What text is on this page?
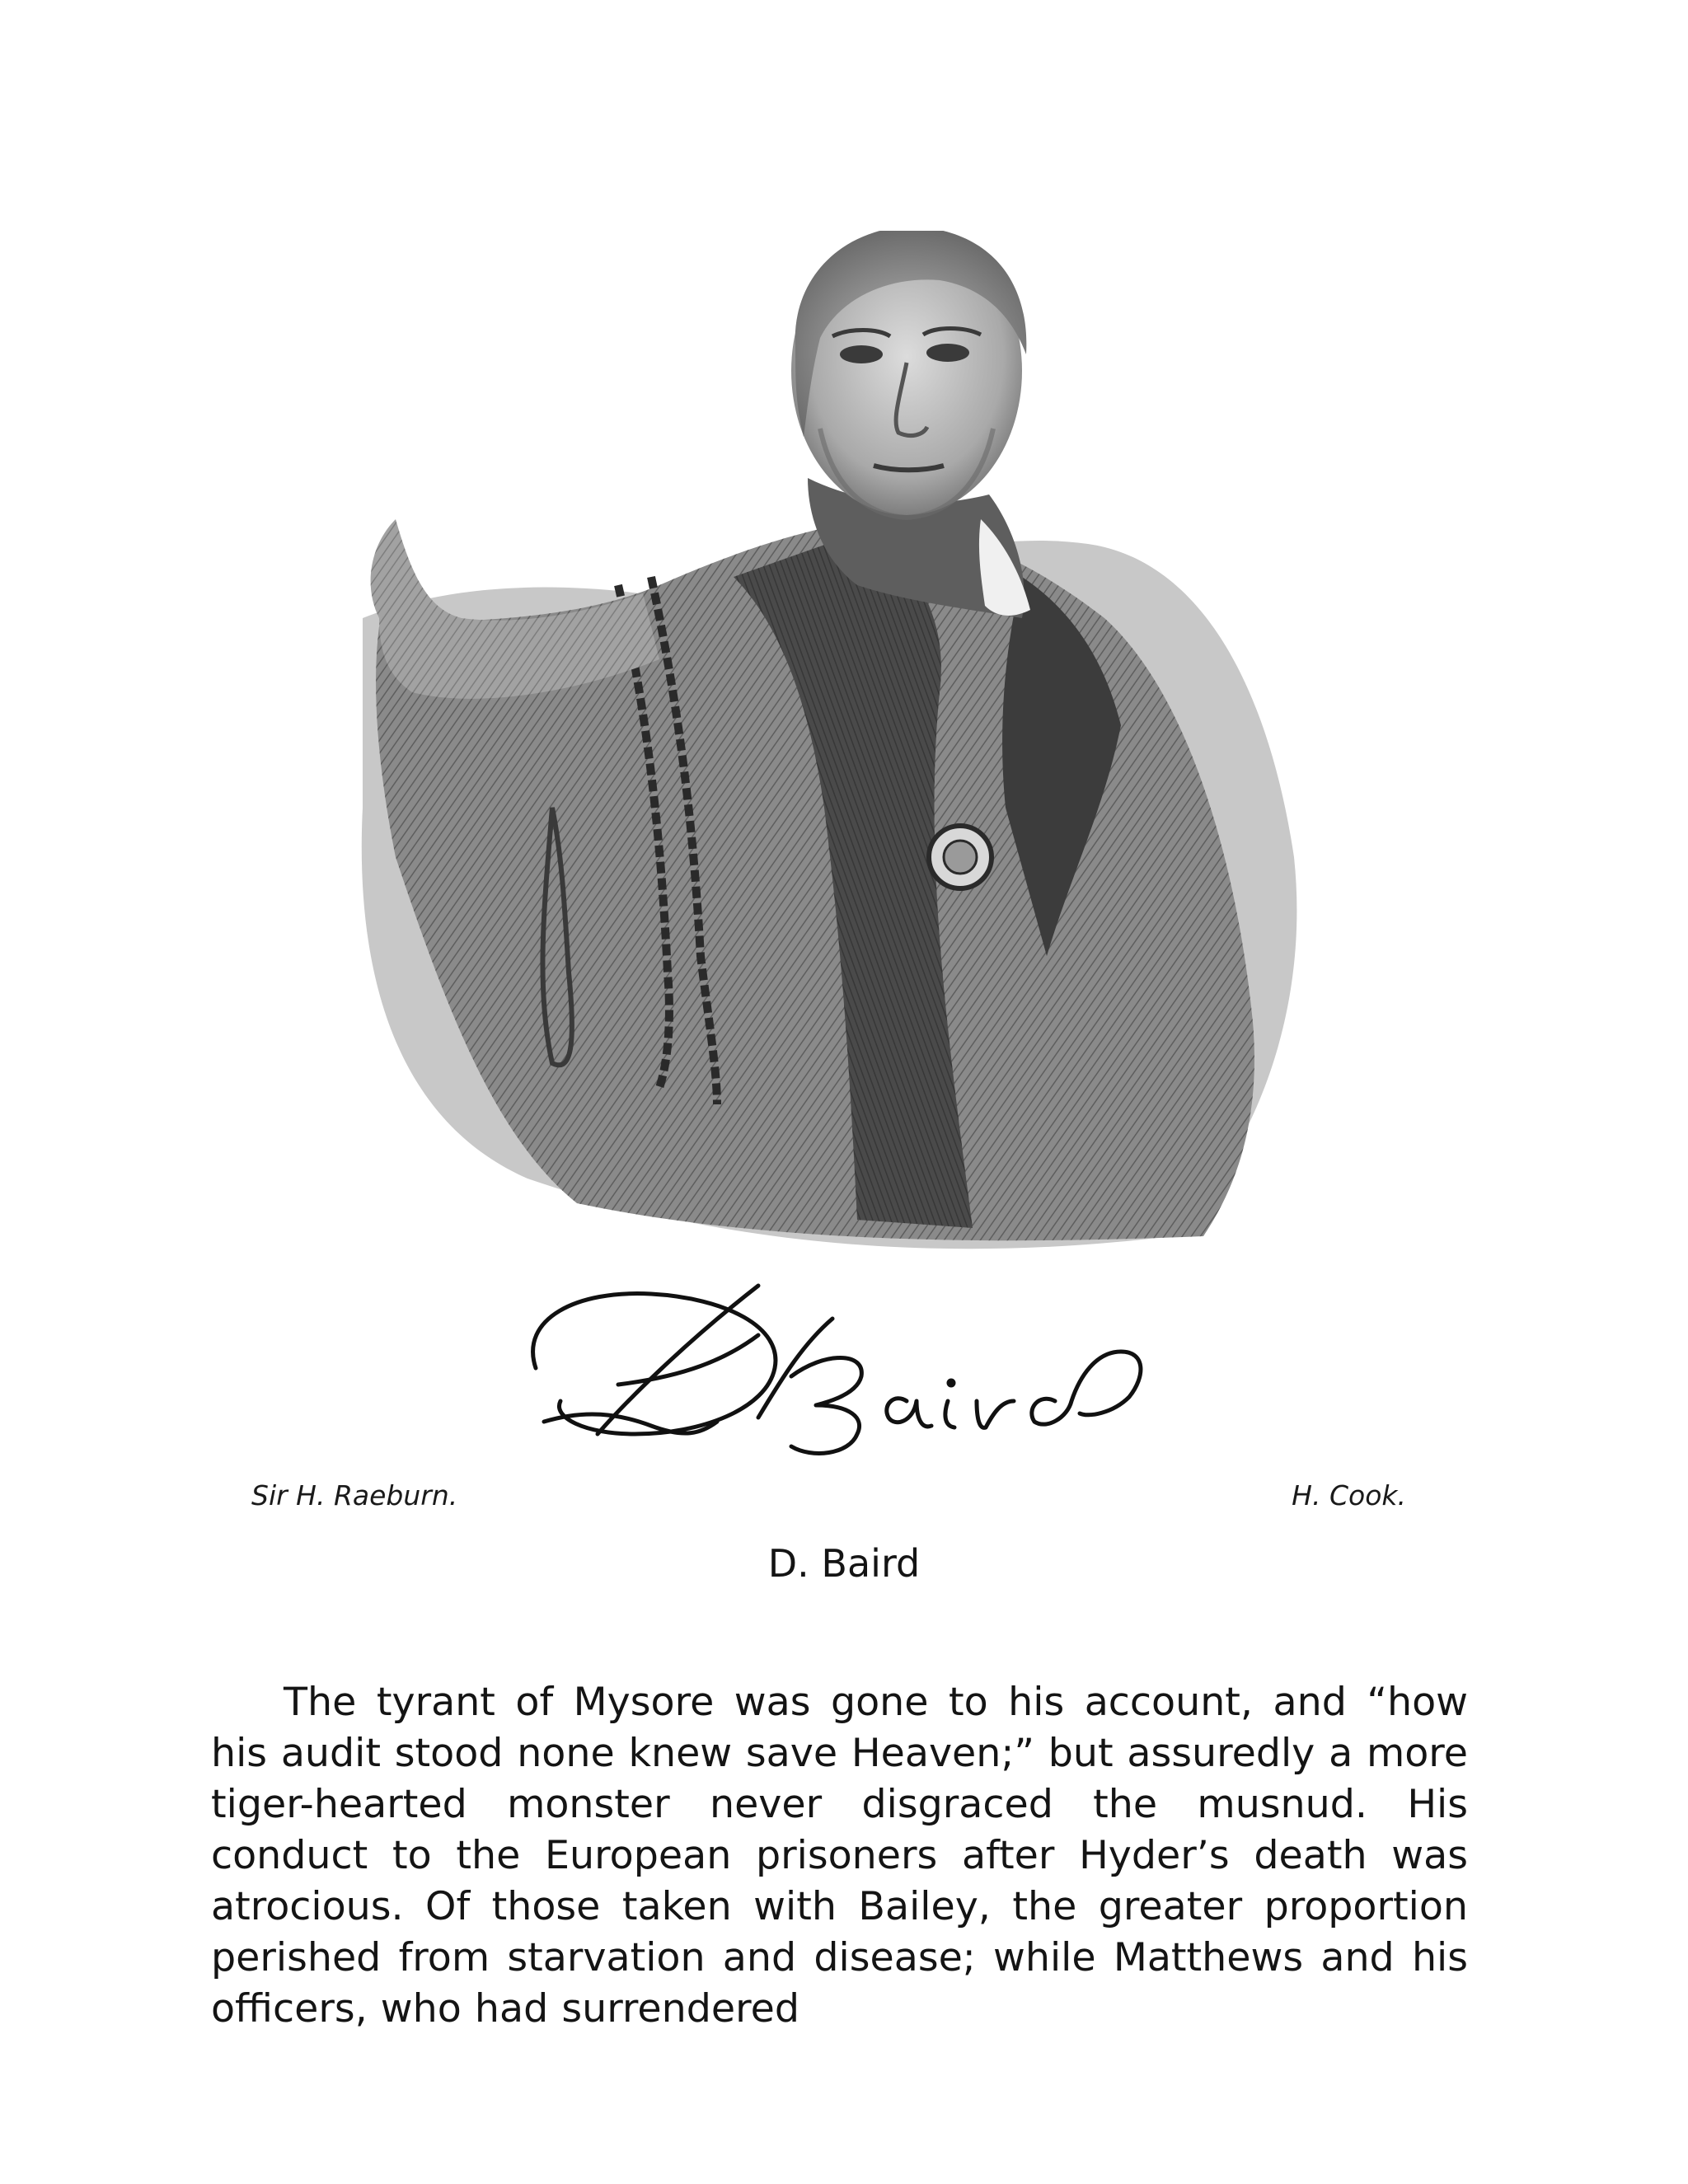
Sir H. Raeburn.	H. Cook.
D. Baird

The tyrant of Mysore was gone to his account, and “how his audit stood none knew save Heaven;” but assuredly a more tiger-hearted monster never disgraced the musnud. His conduct to the European prisoners after Hyder’s death was atrocious. Of those taken with Bailey, the greater proportion perished from starvation and disease; while Matthews and his officers, who had surrendered
